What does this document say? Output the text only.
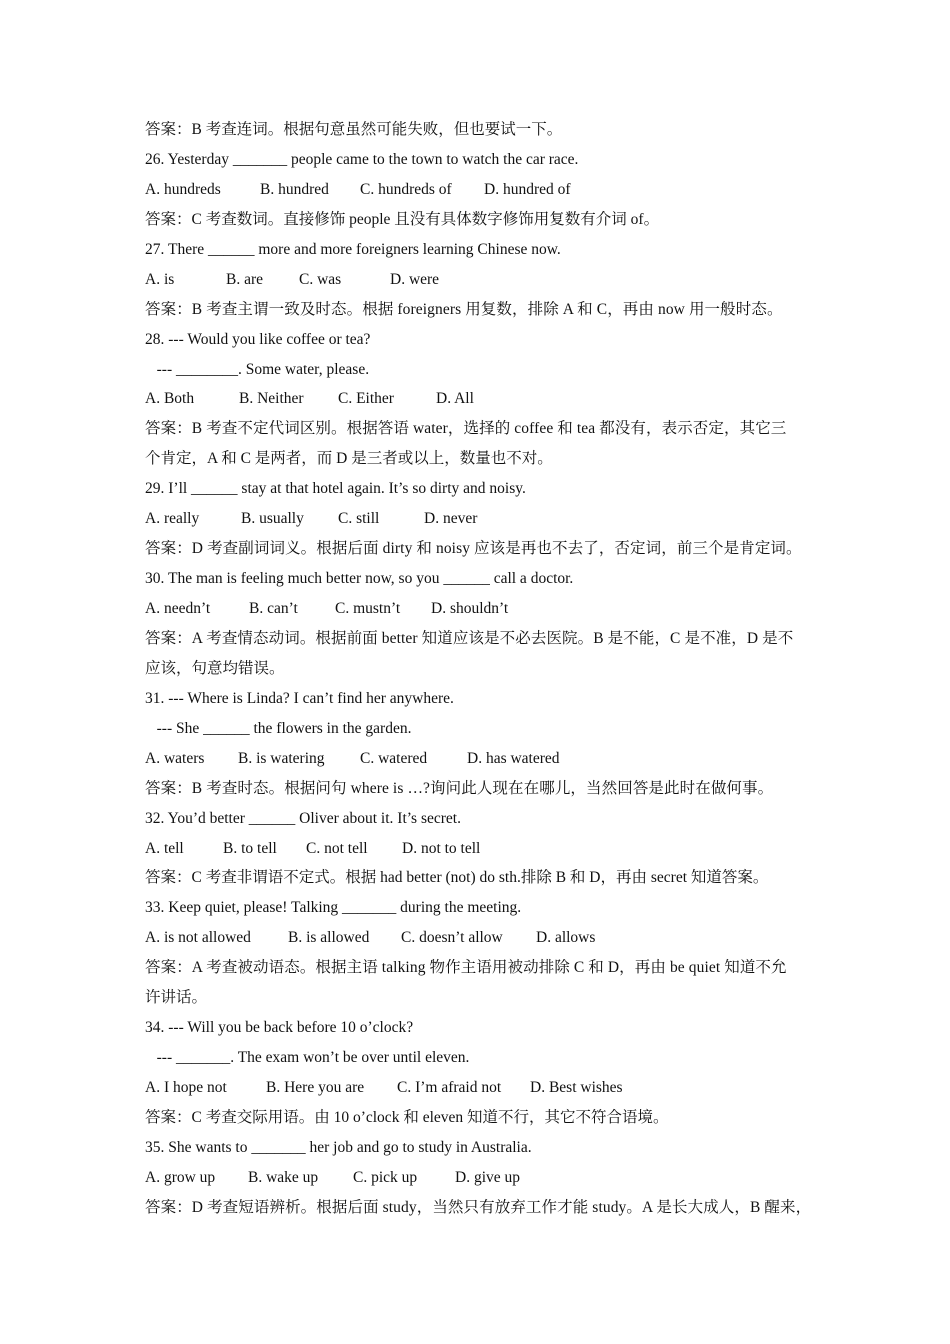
答案：B 考查连词。根据句意虽然可能失败，但也要试一下。
26. Yesterday _______ people came to the town to watch the car race.
A. hundreds	B. hundred C. hundreds of D. hundred of
答案：C 考查数词。直接修饰 people 且没有具体数字修饰用复数有介词 of。
27. There ______ more and more foreigners learning Chinese now.
A. is	B. are C. was	D. were
答案：B 考查主谓一致及时态。根据 foreigners 用复数，排除 A 和 C，再由 now 用一般时态。
28. --- Would you like coffee or tea?
--- ________. Some water, please.
A. Both	B. Neither C. Either	D. All
答案：B 考查不定代词区别。根据答语 water，选择的 coffee 和 tea 都没有，表示否定，其它三
个肯定，A 和 C 是两者，而 D 是三者或以上，数量也不对。
29. I’ll ______ stay at that hotel again. It’s so dirty and noisy.
A. really	B. usually C. still	D. never
答案：D 考查副词词义。根据后面 dirty 和 noisy 应该是再也不去了，否定词，前三个是肯定词。
30. The man is feeling much better now, so you ______ call a doctor.
A. needn’t	B. can’t C. mustn’t D. shouldn’t
答案：A 考查情态动词。根据前面 better 知道应该是不必去医院。B 是不能，C 是不准，D 是不
应该，句意均错误。
31. --- Where is Linda? I can’t find her anywhere.
--- She ______ the flowers in the garden.
A. waters B. is watering C. watered	D. has watered
答案：B 考查时态。根据问句 where is …?询问此人现在在哪儿，当然回答是此时在做何事。
32. You’d better ______ Oliver about it. It’s secret.
A. tell	B. to tell C. not tell D. not to tell
答案：C 考查非谓语不定式。根据 had better (not) do sth.排除 B 和 D，再由 secret 知道答案。
33. Keep quiet, please! Talking _______ during the meeting.
A. is not allowed B. is allowed C. doesn’t allow D. allows
答案：A 考查被动语态。根据主语 talking 物作主语用被动排除 C 和 D，再由 be quiet 知道不允
许讲话。
34. --- Will you be back before 10 o’clock?
--- _______. The exam won’t be over until eleven.
A. I hope not	B. Here you are C. I’m afraid not D. Best wishes
答案：C 考查交际用语。由 10 o’clock 和 eleven 知道不行，其它不符合语境。
35. She wants to _______ her job and go to study in Australia.
A. grow up B. wake up C. pick up D. give up
答案：D 考查短语辨析。根据后面 study，当然只有放弃工作才能 study。A 是长大成人，B 醒来，
